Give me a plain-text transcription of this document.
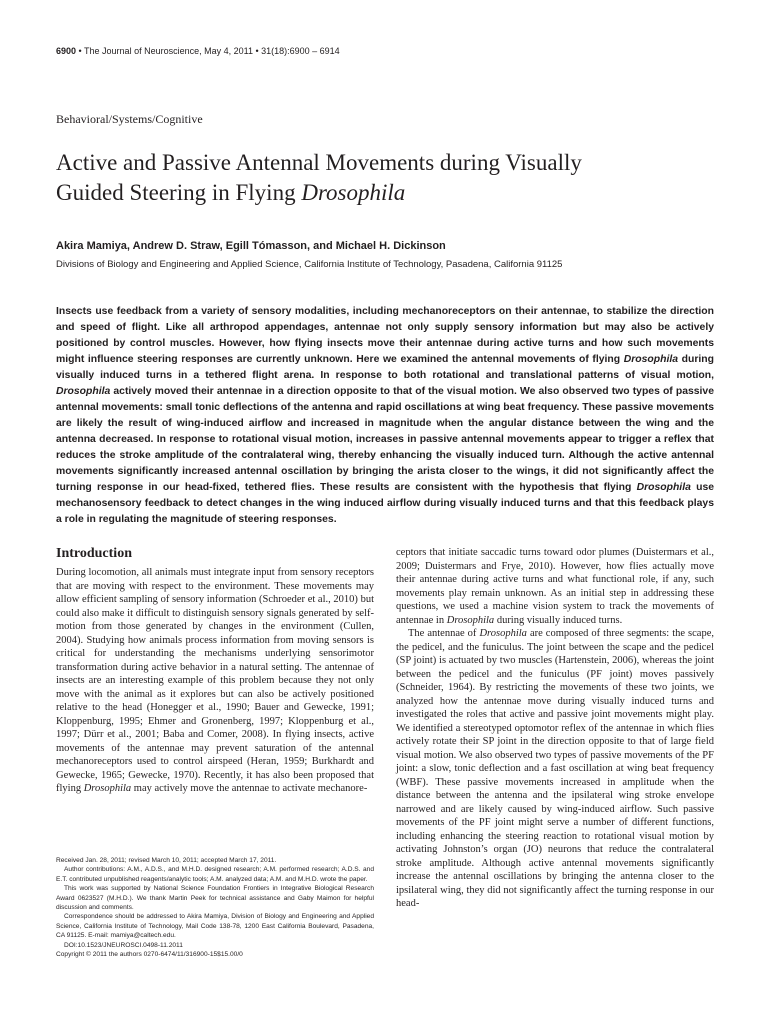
6900 • The Journal of Neuroscience, May 4, 2011 • 31(18):6900 – 6914
Behavioral/Systems/Cognitive
Active and Passive Antennal Movements during Visually
Guided Steering in Flying Drosophila
Akira Mamiya, Andrew D. Straw, Egill Tómasson, and Michael H. Dickinson
Divisions of Biology and Engineering and Applied Science, California Institute of Technology, Pasadena, California 91125

Insects use feedback from a variety of sensory modalities, including mechanoreceptors on their antennae, to stabilize the direction and speed of flight. Like all arthropod appendages, antennae not only supply sensory information but may also be actively positioned by control muscles. However, how flying insects move their antennae during active turns and how such movements might influence steering responses are currently unknown. Here we examined the antennal movements of flying Drosophila during visually induced turns in a tethered flight arena. In response to both rotational and translational patterns of visual motion, Drosophila actively moved their antennae in a direction opposite to that of the visual motion. We also observed two types of passive antennal movements: small tonic deflections of the antenna and rapid oscillations at wing beat frequency. These passive movements are likely the result of wing-induced airflow and increased in magnitude when the angular distance between the wing and the antenna decreased. In response to rotational visual motion, increases in passive antennal movements appear to trigger a reflex that reduces the stroke amplitude of the contralateral wing, thereby enhancing the visually induced turn. Although the active antennal movements significantly increased antennal oscillation by bringing the arista closer to the wings, it did not significantly affect the turning response in our head-fixed, tethered flies. These results are consistent with the hypothesis that flying Drosophila use mechanosensory feedback to detect changes in the wing induced airflow during visually induced turns and that this feedback plays a role in regulating the magnitude of steering responses.

Introduction

During locomotion, all animals must integrate input from sensory receptors that are moving with respect to the environment. These movements may allow efficient sampling of sensory information (Schroeder et al., 2010) but could also make it difficult to distinguish sensory signals generated by self-motion from those generated by changes in the environment (Cullen, 2004). Studying how animals process information from moving sensors is critical for understanding the mechanisms underlying sensorimotor transformation during active behavior in a natural setting. The antennae of insects are an interesting example of this problem because they not only move with the animal as it explores but can also be actively positioned relative to the head (Honegger et al., 1990; Bauer and Gewecke, 1991; Kloppenburg, 1995; Ehmer and Gronenberg, 1997; Kloppenburg et al., 1997; Dürr et al., 2001; Baba and Comer, 2008). In flying insects, active movements of the antennae may prevent saturation of the antennal mechanoreceptors used to control airspeed (Heran, 1959; Burkhardt and Gewecke, 1965; Gewecke, 1970). Recently, it has also been proposed that flying Drosophila may actively move the antennae to activate mechanore-

ceptors that initiate saccadic turns toward odor plumes (Duistermars et al., 2009; Duistermars and Frye, 2010). However, how flies actually move their antennae during active turns and what functional role, if any, such movements play remain unknown. As an initial step in addressing these questions, we used a machine vision system to track the movements of antennae in Drosophila during visually induced turns.

The antennae of Drosophila are composed of three segments: the scape, the pedicel, and the funiculus. The joint between the scape and the pedicel (SP joint) is actuated by two muscles (Hartenstein, 2006), whereas the joint between the pedicel and the funiculus (PF joint) moves passively (Schneider, 1964). By restricting the movements of these two joints, we analyzed how the antennae move during visually induced turns and investigated the roles that active and passive joint movements might play. We identified a stereotyped optomotor reflex of the antennae in which flies actively rotate their SP joint in the direction opposite to that of large field visual motion. We also observed two types of passive movements of the PF joint: a slow, tonic deflection and a fast oscillation at wing beat frequency (WBF). These passive movements increased in amplitude when the distance between the antenna and the ipsilateral wing stroke envelope narrowed and are likely caused by wing-induced airflow. Such passive movements of the PF joint might serve a number of different functions, including enhancing the steering reaction to rotational visual motion by activating Johnston’s organ (JO) neurons that reduce the contralateral stroke amplitude. Although active antennal movements significantly increase the antennal oscillations by bringing the antenna closer to the ipsilateral wing, they did not significantly affect the turning response in our head-

Received Jan. 28, 2011; revised March 10, 2011; accepted March 17, 2011.

Author contributions: A.M., A.D.S., and M.H.D. designed research; A.M. performed research; A.D.S. and E.T. contributed unpublished reagents/analytic tools; A.M. analyzed data; A.M. and M.H.D. wrote the paper.

This work was supported by National Science Foundation Frontiers in Integrative Biological Research Award 0623527 (M.H.D.). We thank Martin Peek for technical assistance and Gaby Maimon for helpful discussion and comments.

Correspondence should be addressed to Akira Mamiya, Division of Biology and Engineering and Applied Science, California Institute of Technology, Mail Code 138-78, 1200 East California Boulevard, Pasadena, CA 91125. E-mail: mamiya@caltech.edu.

DOI:10.1523/JNEUROSCI.0498-11.2011

Copyright © 2011 the authors 0270-6474/11/316900-15$15.00/0
